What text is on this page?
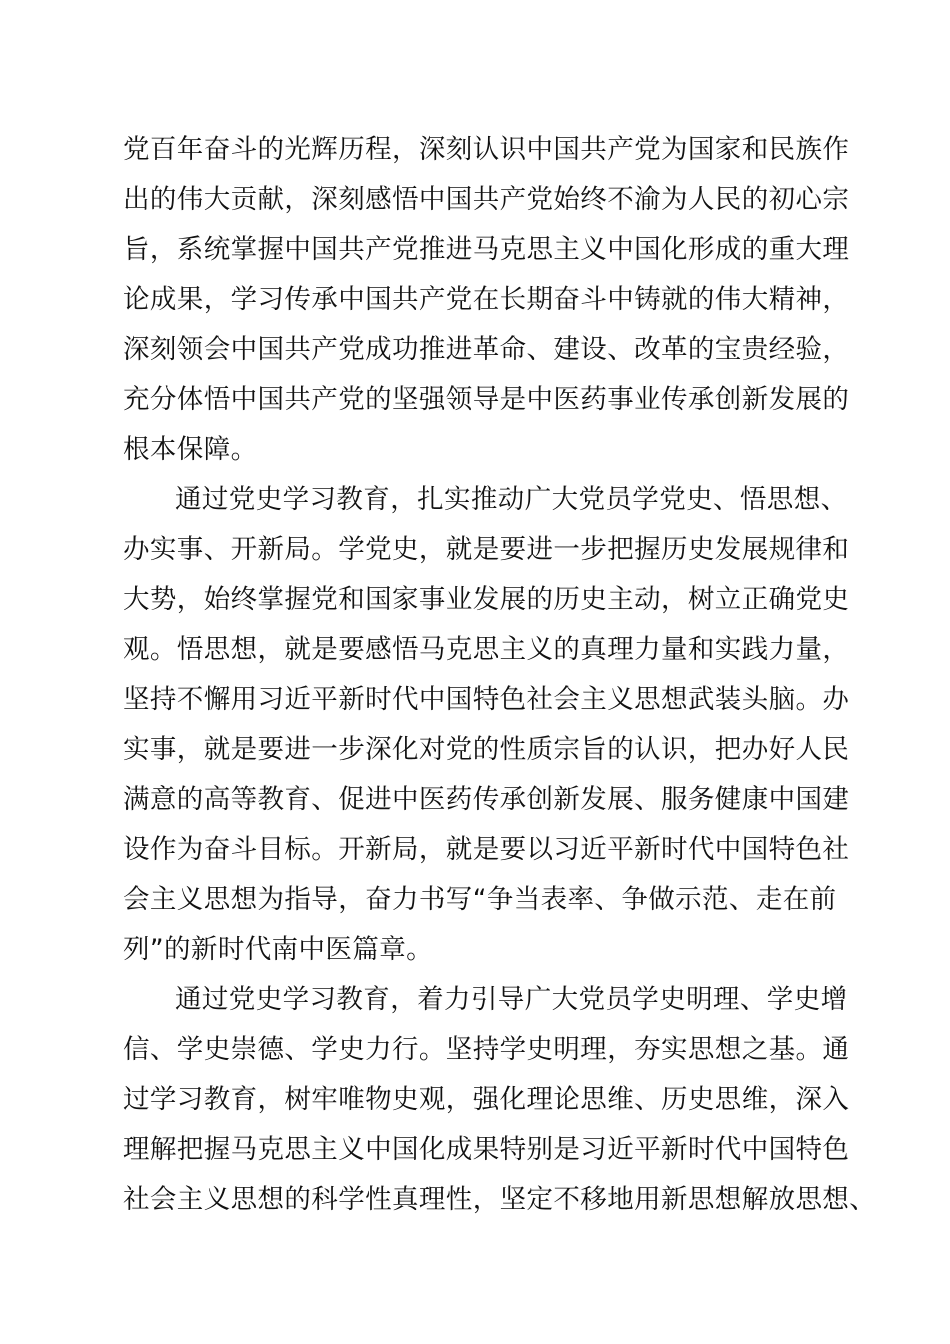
党百年奋斗的光辉历程，深刻认识中国共产党为国家和民族作
出的伟大贡献，深刻感悟中国共产党始终不渝为人民的初心宗
旨，系统掌握中国共产党推进马克思主义中国化形成的重大理
论成果，学习传承中国共产党在长期奋斗中铸就的伟大精神，
深刻领会中国共产党成功推进革命、建设、改革的宝贵经验，
充分体悟中国共产党的坚强领导是中医药事业传承创新发展的
根本保障。
通过党史学习教育，扎实推动广大党员学党史、悟思想、
办实事、开新局。学党史，就是要进一步把握历史发展规律和
大势，始终掌握党和国家事业发展的历史主动，树立正确党史
观。悟思想，就是要感悟马克思主义的真理力量和实践力量，
坚持不懈用习近平新时代中国特色社会主义思想武装头脑。办
实事，就是要进一步深化对党的性质宗旨的认识，把办好人民
满意的高等教育、促进中医药传承创新发展、服务健康中国建
设作为奋斗目标。开新局，就是要以习近平新时代中国特色社
会主义思想为指导，奋力书写“争当表率、争做示范、走在前
列”的新时代南中医篇章。
通过党史学习教育，着力引导广大党员学史明理、学史增
信、学史崇德、学史力行。坚持学史明理，夯实思想之基。通
过学习教育，树牢唯物史观，强化理论思维、历史思维，深入
理解把握马克思主义中国化成果特别是习近平新时代中国特色
社会主义思想的科学性真理性，坚定不移地用新思想解放思想、
